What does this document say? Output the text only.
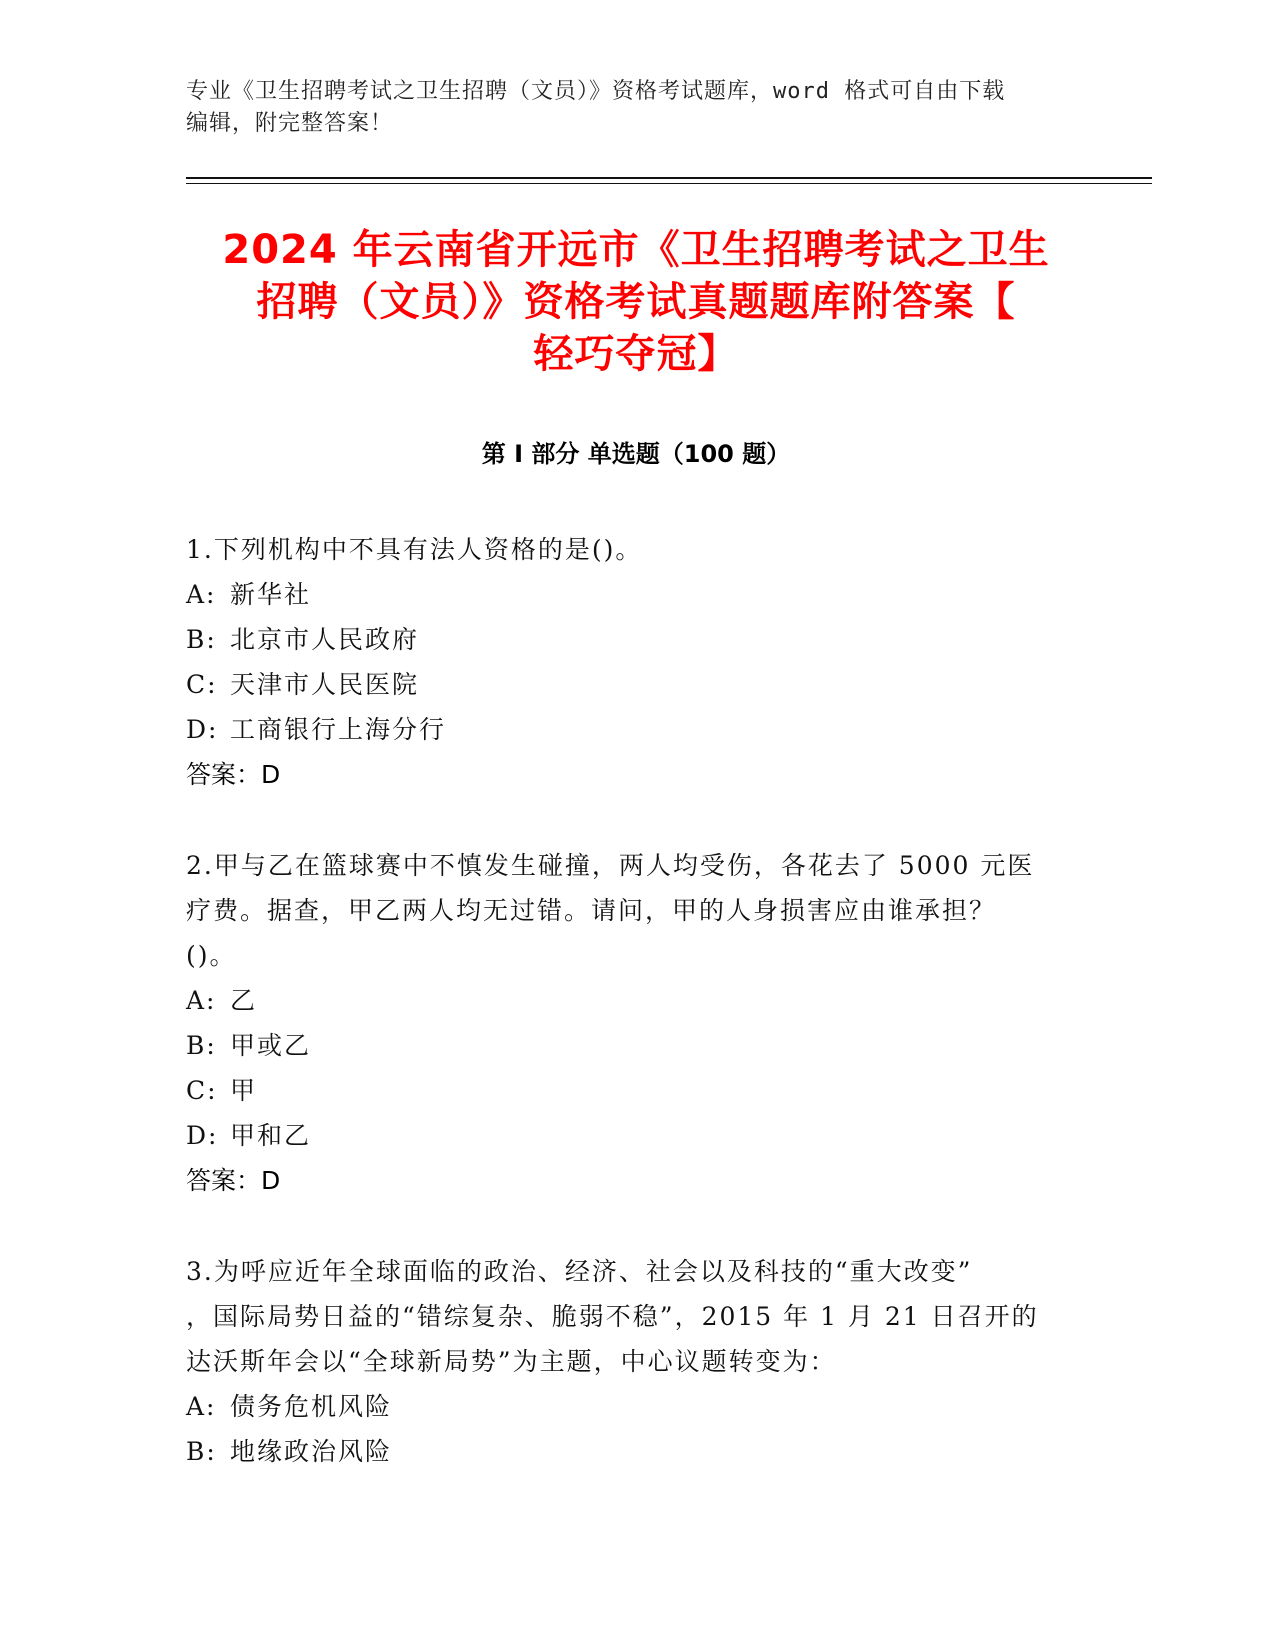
专业《卫生招聘考试之卫生招聘（文员）》资格考试题库，word 格式可自由下载
编辑，附完整答案！
2024 年云南省开远市《卫生招聘考试之卫生
招聘（文员）》资格考试真题题库附答案【
轻巧夺冠】
第 I 部分 单选题（100 题）
1.下列机构中不具有法人资格的是()。
A: 新华社
B: 北京市人民政府
C: 天津市人民医院
D: 工商银行上海分行
答案：D
2.甲与乙在篮球赛中不慎发生碰撞，两人均受伤，各花去了 5000 元医
疗费。据查，甲乙两人均无过错。请问，甲的人身损害应由谁承担？
()。
A: 乙
B: 甲或乙
C: 甲
D: 甲和乙
答案：D
3.为呼应近年全球面临的政治、经济、社会以及科技的“重大改变”
，国际局势日益的“错综复杂、脆弱不稳”，2015 年 1 月 21 日召开的
达沃斯年会以“全球新局势”为主题，中心议题转变为：
A: 债务危机风险
B: 地缘政治风险
